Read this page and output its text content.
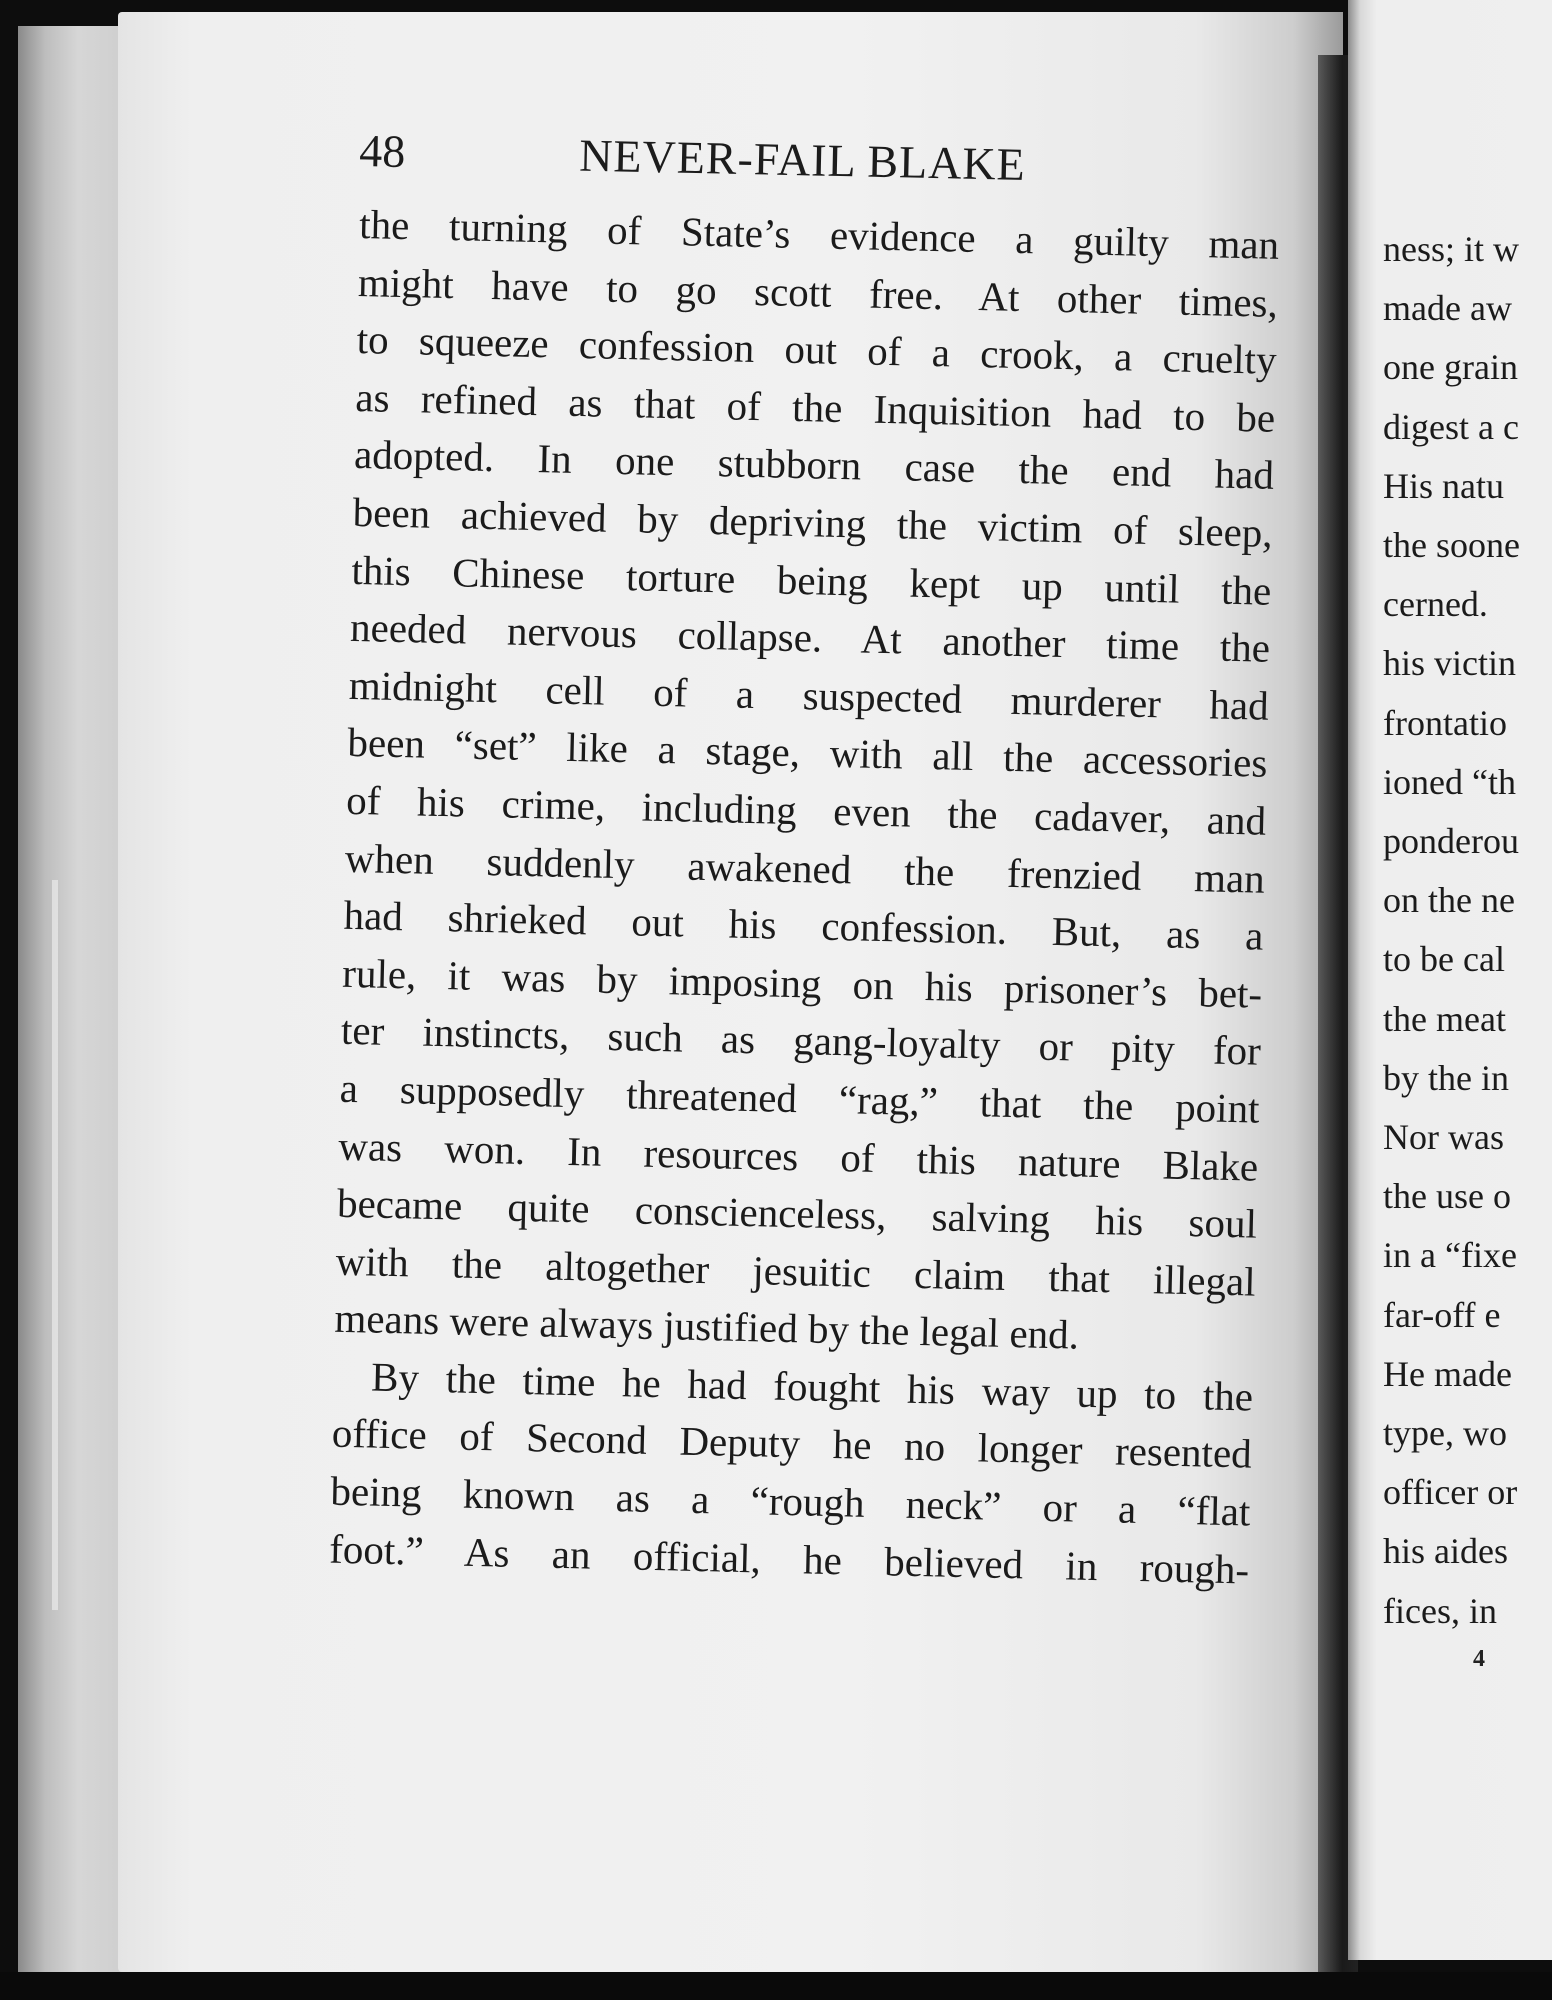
48	NEVER-FAIL BLAKE
the turning of State’s evidence a guilty man
might have to go scott free. At other times,
to squeeze confession out of a crook, a cruelty
as refined as that of the Inquisition had to be
adopted. In one stubborn case the end had
been achieved by depriving the victim of sleep,
this Chinese torture being kept up until the
needed nervous collapse. At another time the
midnight cell of a suspected murderer had
been “set” like a stage, with all the accessories
of his crime, including even the cadaver, and
when suddenly awakened the frenzied man
had shrieked out his confession. But, as a
rule, it was by imposing on his prisoner’s bet-
ter instincts, such as gang-loyalty or pity for
a supposedly threatened “rag,” that the point
was won. In resources of this nature Blake
became quite conscienceless, salving his soul
with the altogether jesuitic claim that illegal
means were always justified by the legal end.
By the time he had fought his way up to the
office of Second Deputy he no longer resented
being known as a “rough neck” or a “flat
foot.” As an official, he believed in rough-
ness; it w
made aw
one grain
digest a c
His natu
the soone
cerned.
his victin
frontatio
ioned “th
ponderou
on the ne
to be cal
the meat
by the in
Nor was
the use o
in a “fixe
far-off e
He made
type, wo
officer or
his aides
fices, in
4
